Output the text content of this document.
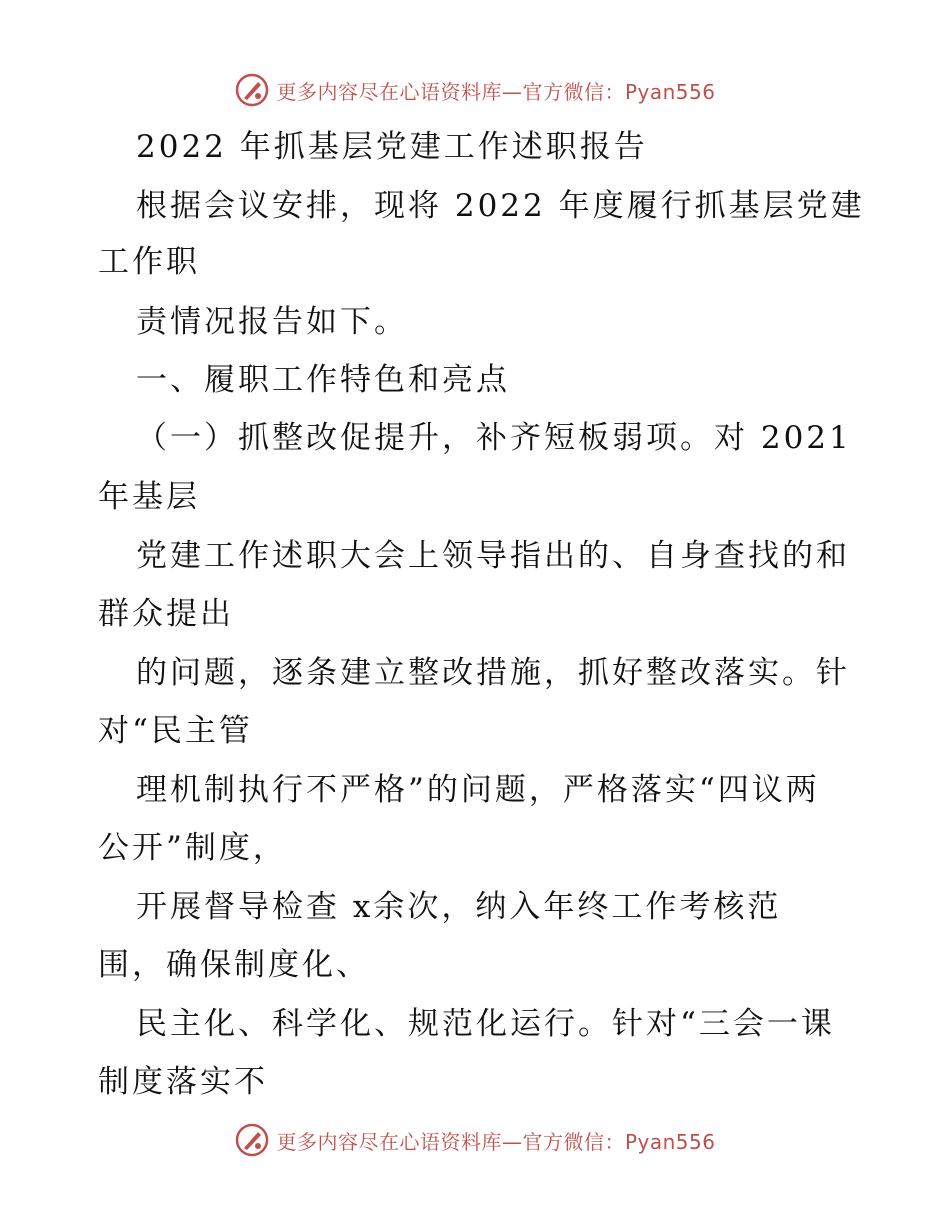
更多内容尽在心语资料库—官方微信：Pyan556
2022 年抓基层党建工作述职报告
根据会议安排，现将 2022 年度履行抓基层党建
工作职
责情况报告如下。
一、履职工作特色和亮点
（一）抓整改促提升，补齐短板弱项。对 2021
年基层
党建工作述职大会上领导指出的、自身查找的和
群众提出
的问题，逐条建立整改措施，抓好整改落实。针
对“民主管
理机制执行不严格”的问题，严格落实“四议两
公开”制度，
开展督导检查 x余次，纳入年终工作考核范
围，确保制度化、
民主化、科学化、规范化运行。针对“三会一课
制度落实不
更多内容尽在心语资料库—官方微信：Pyan556
